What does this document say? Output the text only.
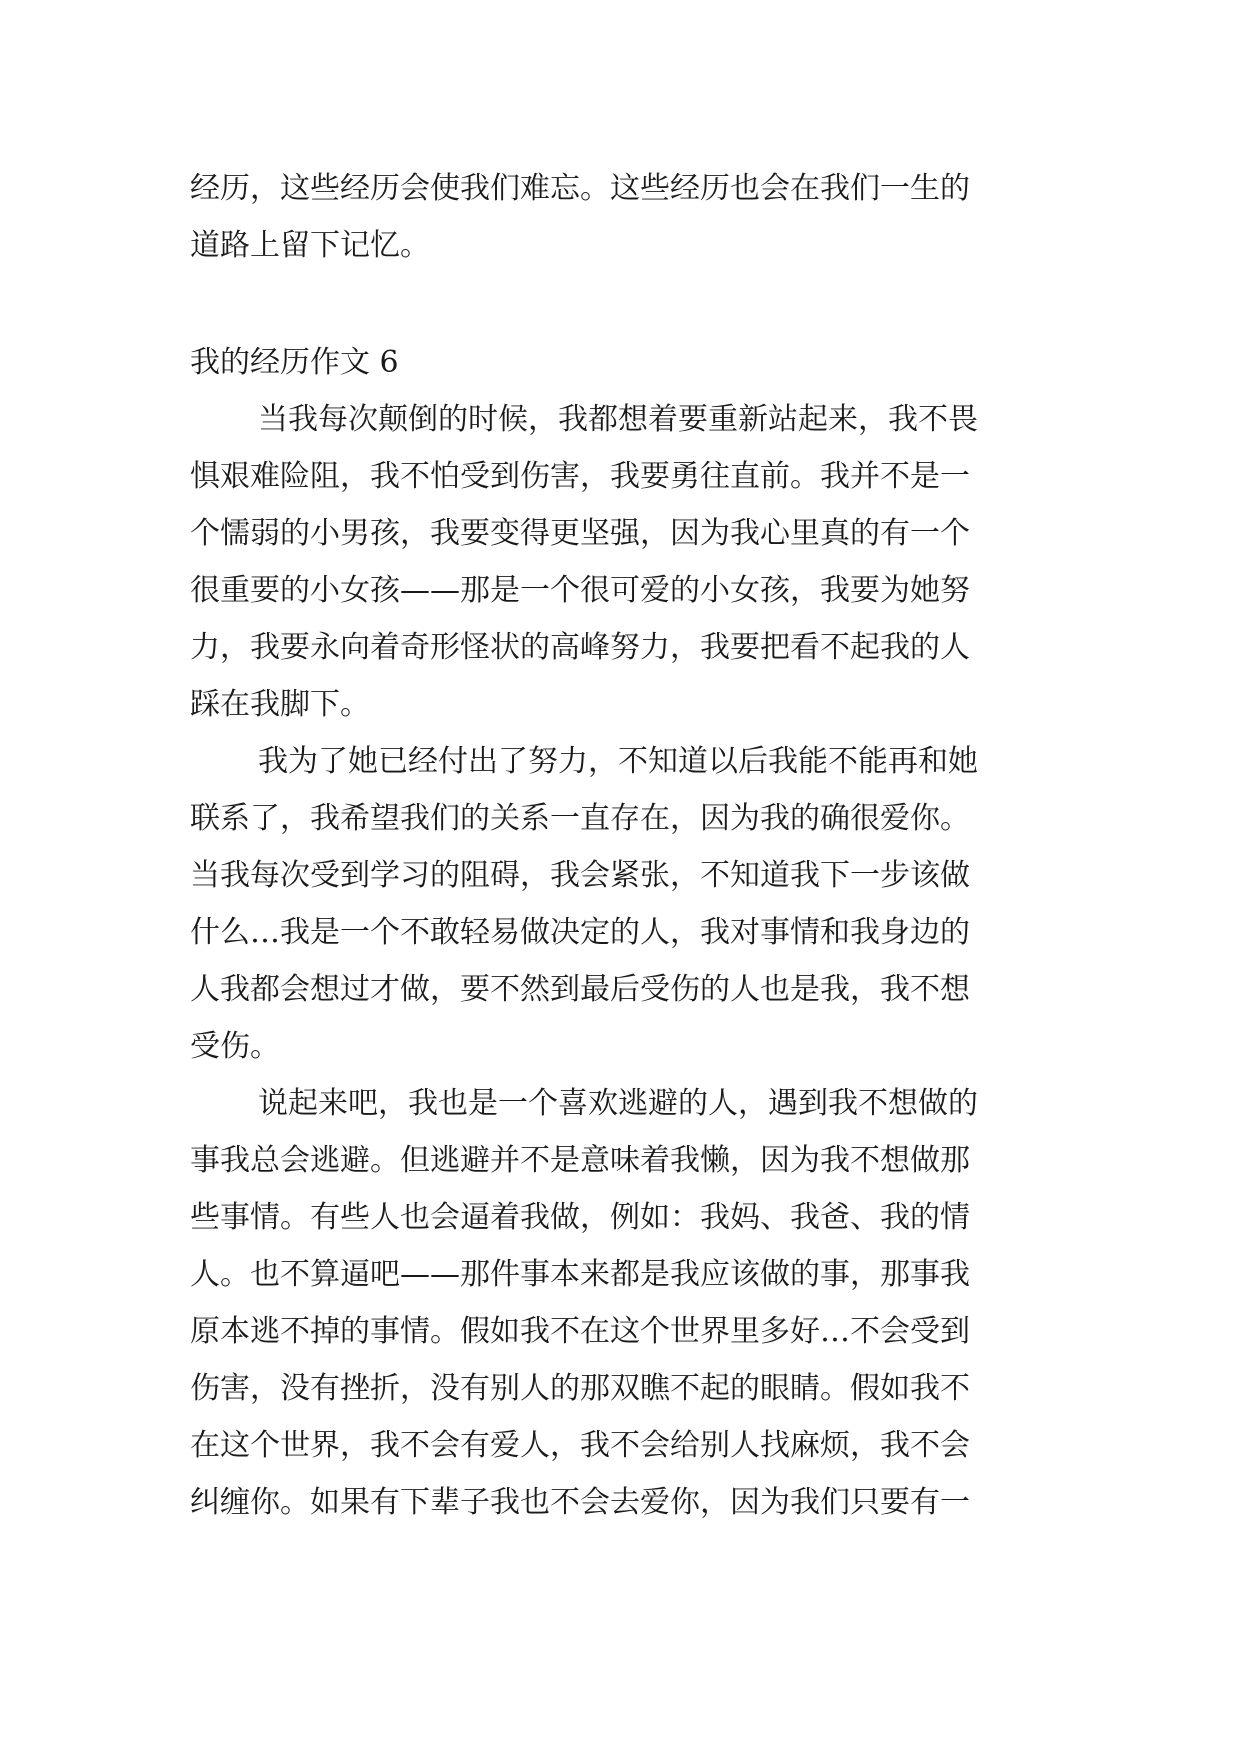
经历，这些经历会使我们难忘。这些经历也会在我们一生的
道路上留下记忆。
我的经历作文 6
当我每次颠倒的时候，我都想着要重新站起来，我不畏
惧艰难险阻，我不怕受到伤害，我要勇往直前。我并不是一
个懦弱的小男孩，我要变得更坚强，因为我心里真的有一个
很重要的小女孩——那是一个很可爱的小女孩，我要为她努
力，我要永向着奇形怪状的高峰努力，我要把看不起我的人
踩在我脚下。
我为了她已经付出了努力，不知道以后我能不能再和她
联系了，我希望我们的关系一直存在，因为我的确很爱你。
当我每次受到学习的阻碍，我会紧张，不知道我下一步该做
什么…我是一个不敢轻易做决定的人，我对事情和我身边的
人我都会想过才做，要不然到最后受伤的人也是我，我不想
受伤。
说起来吧，我也是一个喜欢逃避的人，遇到我不想做的
事我总会逃避。但逃避并不是意味着我懒，因为我不想做那
些事情。有些人也会逼着我做，例如：我妈、我爸、我的情
人。也不算逼吧——那件事本来都是我应该做的事，那事我
原本逃不掉的事情。假如我不在这个世界里多好…不会受到
伤害，没有挫折，没有别人的那双瞧不起的眼睛。假如我不
在这个世界，我不会有爱人，我不会给别人找麻烦，我不会
纠缠你。如果有下辈子我也不会去爱你，因为我们只要有一
